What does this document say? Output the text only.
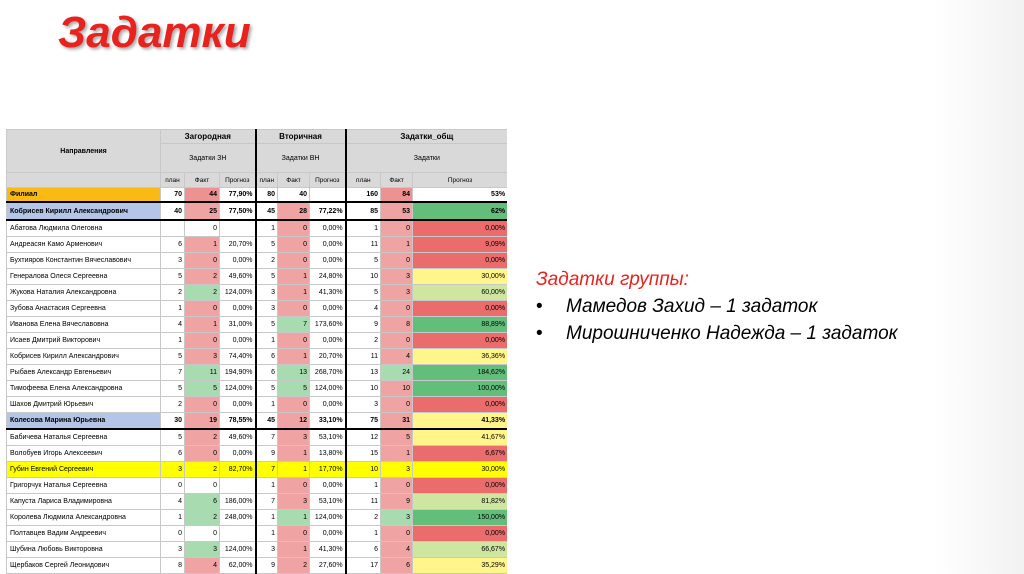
Задатки
Направления	Загородная			Вторичная			Задатки_общ		
	Задатки ЗН			Задатки ВН			Задатки		
	план	Факт	Прогноз	план	Факт	Прогноз	план	Факт	Прогноз
Филиал	70	44	77,90%	80	40		160	84	53%
Кобрисев Кирилл Александрович	40	25	77,50%	45	28	77,22%	85	53	62%
Абатова Людмила Олеговна		0		1	0	0,00%	1	0	0,00%
Андреасян Камо Арменович	6	1	20,70%	5	0	0,00%	11	1	9,09%
Бухтияров Константин Вячеславович	3	0	0,00%	2	0	0,00%	5	0	0,00%
Генералова Олеся Сергеевна	5	2	49,60%	5	1	24,80%	10	3	30,00%
Жукова Наталия Александровна	2	2	124,00%	3	1	41,30%	5	3	60,00%
Зубова Анастасия Сергеевна	1	0	0,00%	3	0	0,00%	4	0	0,00%
Иванова Елена Вячеславовна	4	1	31,00%	5	7	173,60%	9	8	88,89%
Исаев Дмитрий Викторович	1	0	0,00%	1	0	0,00%	2	0	0,00%
Кобрисев Кирилл Александрович	5	3	74,40%	6	1	20,70%	11	4	36,36%
Рыбаев Александр Евгеньевич	7	11	194,90%	6	13	268,70%	13	24	184,62%
Тимофеева Елена Александровна	5	5	124,00%	5	5	124,00%	10	10	100,00%
Шахов Дмитрий Юрьевич	2	0	0,00%	1	0	0,00%	3	0	0,00%
Колесова Марина Юрьевна	30	19	78,55%	45	12	33,10%	75	31	41,33%
Бабичева Наталья Сергеевна	5	2	49,60%	7	3	53,10%	12	5	41,67%
Волобуев Игорь Алексеевич	6	0	0,00%	9	1	13,80%	15	1	6,67%
Губин Евгений Сергеевич	3	2	82,70%	7	1	17,70%	10	3	30,00%
Григорчук Наталья Сергеевна	0	0		1	0	0,00%	1	0	0,00%
Капуста Лариса Владимировна	4	6	186,00%	7	3	53,10%	11	9	81,82%
Королева Людмила Александровна	1	2	248,00%	1	1	124,00%	2	3	150,00%
Полтавцев Вадим Андреевич	0	0		1	0	0,00%	1	0	0,00%
Шубина Любовь Викторовна	3	3	124,00%	3	1	41,30%	6	4	66,67%
Щербаков Сергей Леонидович	8	4	62,00%	9	2	27,60%	17	6	35,29%
Задатки группы:
• Мамедов Захид – 1 задаток
• Мирошниченко Надежда – 1 задаток
